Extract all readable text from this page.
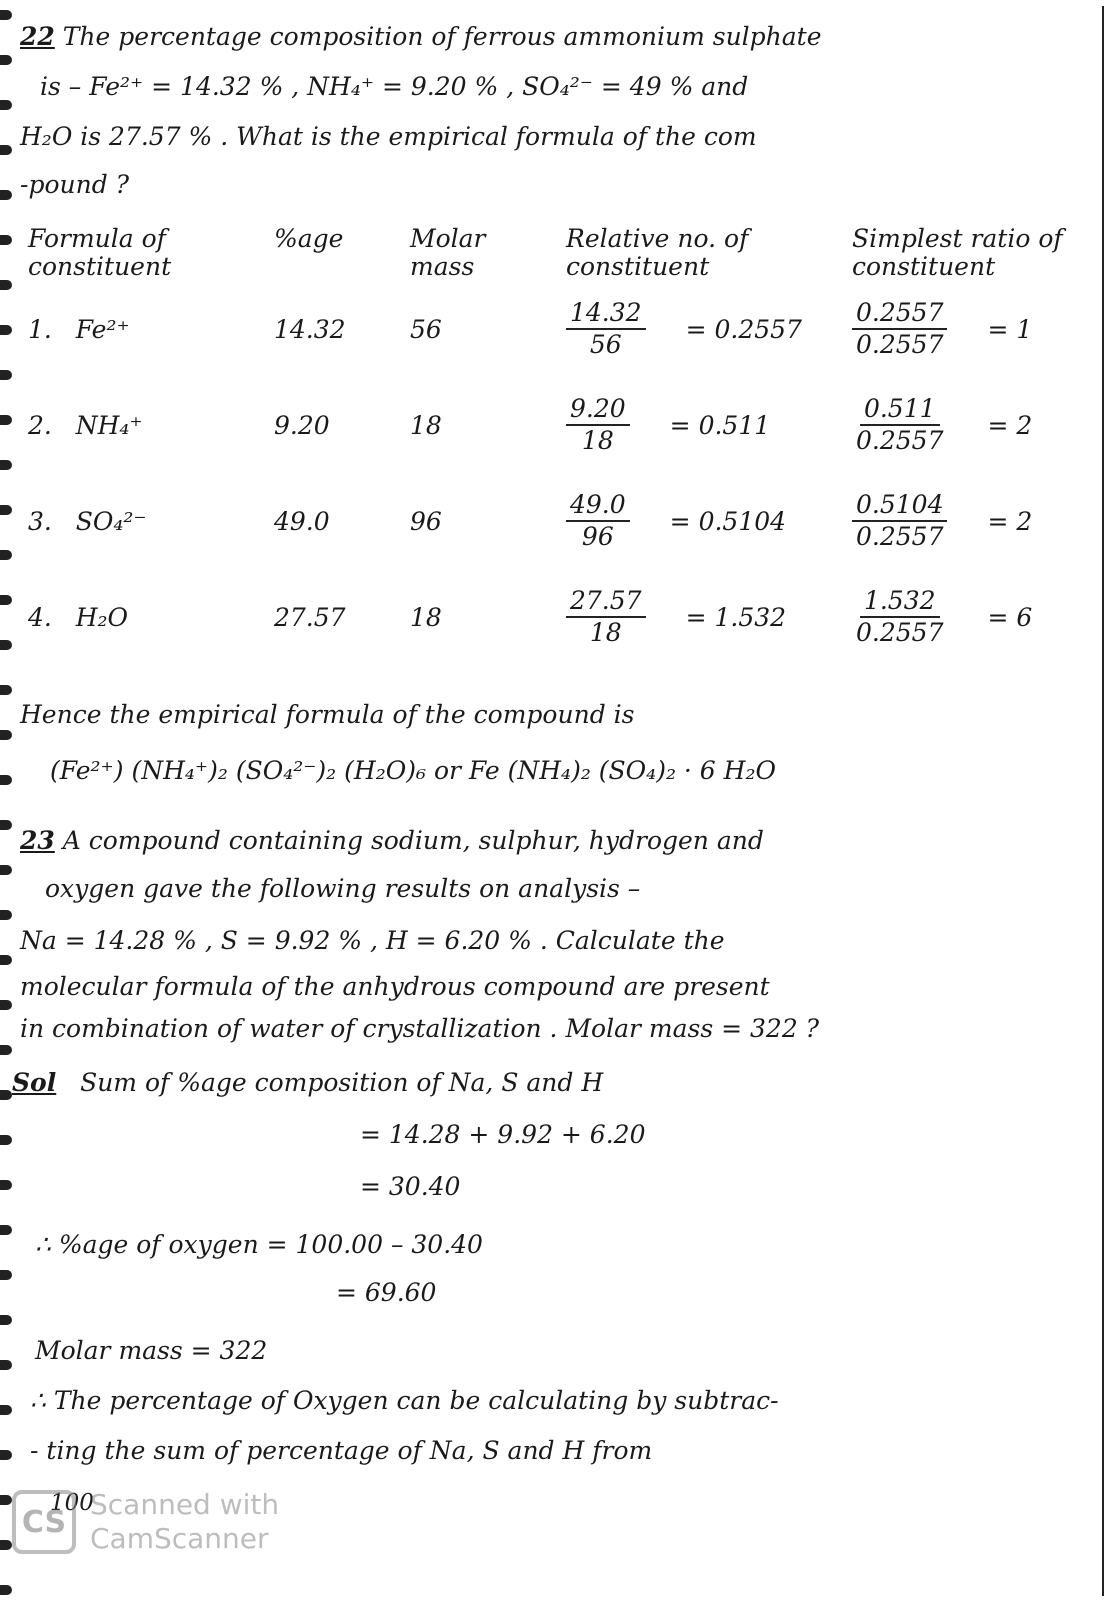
22 The percentage composition of ferrous ammonium sulphate
is – Fe²⁺ = 14.32 % , NH₄⁺ = 9.20 % , SO₄²⁻ = 49 % and
H₂O is 27.57 % . What is the empirical formula of the com
-pound ?
Formula of constituent	%age	Molar mass	Relative no. of constituent	Simplest ratio of constituent
1. Fe²⁺	14.32	56	$\frac{14.32}{56} = 0.2557$	$\frac{0.2557}{0.2557} = 1$

2. NH₄⁺	9.20	18	$\frac{9.20}{18} = 0.511$	$\frac{0.511}{0.2557} = 2$

3. SO₄²⁻	49.0	96	$\frac{49.0}{96} = 0.5104$	$\frac{0.5104}{0.2557} = 2$

4. H₂O	27.57	18	$\frac{27.57}{18} = 1.532$	$\frac{1.532}{0.2557} = 6$
Hence the empirical formula of the compound is
(Fe²⁺) (NH₄⁺)₂ (SO₄²⁻)₂ (H₂O)₆ or Fe (NH₄)₂ (SO₄)₂ · 6 H₂O
23 A compound containing sodium, sulphur, hydrogen and
oxygen gave the following results on analysis –
Na = 14.28 % , S = 9.92 % , H = 6.20 % . Calculate the
molecular formula of the anhydrous compound are present
in combination of water of crystallization . Molar mass = 322 ?
Sol Sum of %age composition of Na, S and H
= 14.28 + 9.92 + 6.20
= 30.40
∴ %age of oxygen = 100.00 – 30.40
= 69.60
Molar mass = 322
∴ The percentage of Oxygen can be calculating by subtrac-
- ting the sum of percentage of Na, S and H from
100
CS Scanned with
CamScanner
